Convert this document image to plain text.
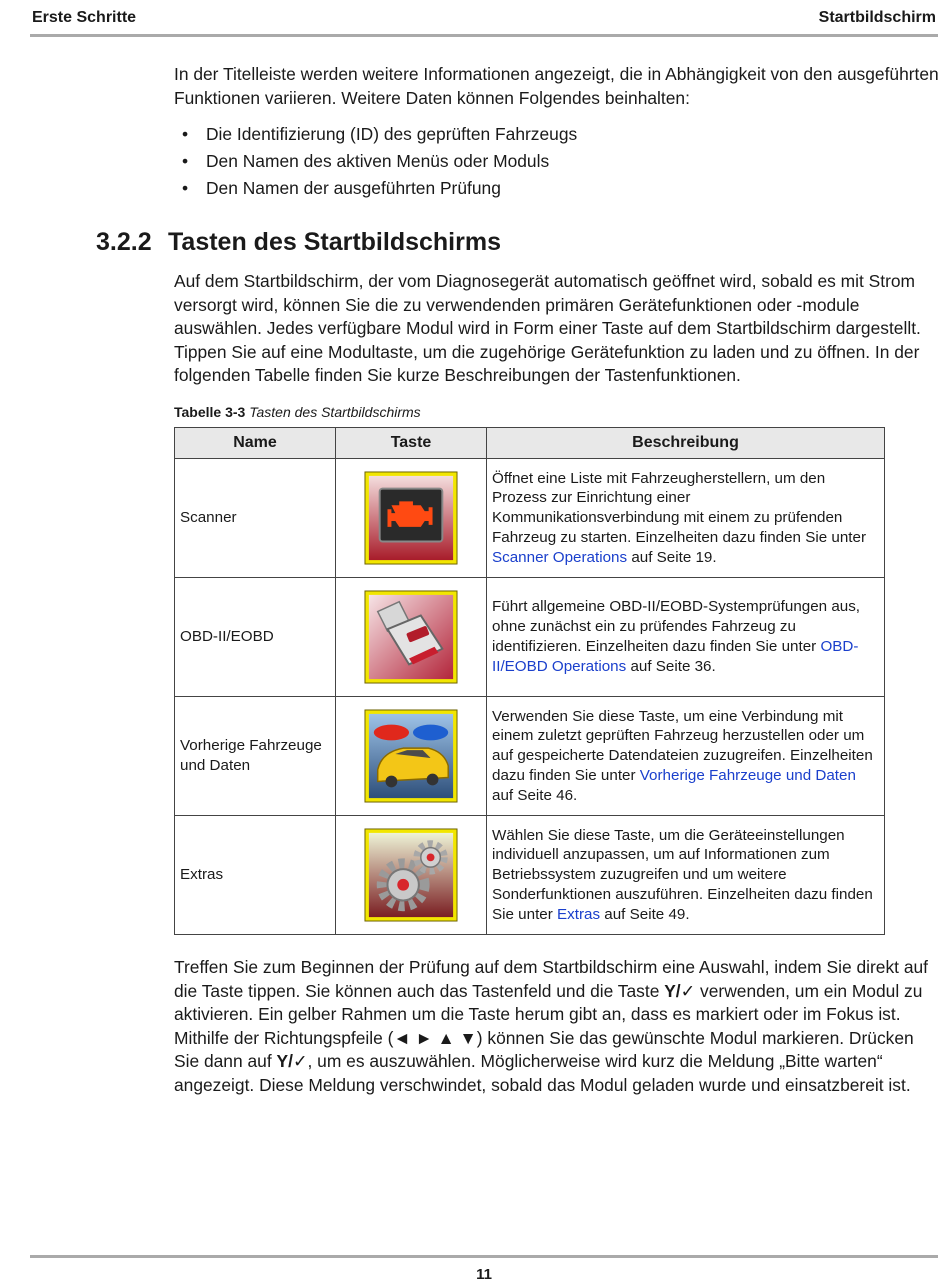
Erste Schritte	Startbildschirm

In der Titelleiste werden weitere Informationen angezeigt, die in Abhängigkeit von den ausgeführten Funktionen variieren. Weitere Daten können Folgendes beinhalten:

• Die Identifizierung (ID) des geprüften Fahrzeugs
• Den Namen des aktiven Menüs oder Moduls
• Den Namen der ausgeführten Prüfung
3.2.2 Tasten des Startbildschirms

Auf dem Startbildschirm, der vom Diagnosegerät automatisch geöffnet wird, sobald es mit Strom versorgt wird, können Sie die zu verwendenden primären Gerätefunktionen oder -module auswählen. Jedes verfügbare Modul wird in Form einer Taste auf dem Startbildschirm dargestellt. Tippen Sie auf eine Modultaste, um die zugehörige Gerätefunktion zu laden und zu öffnen. In der folgenden Tabelle finden Sie kurze Beschreibungen der Tastenfunktionen.

Tabelle 3-3 Tasten des Startbildschirms
Name	Taste	Beschreibung
Scanner		Öffnet eine Liste mit Fahrzeugherstellern, um den Prozess zur Einrichtung einer Kommunikationsverbindung mit einem zu prüfenden Fahrzeug zu starten. Einzelheiten dazu finden Sie unter Scanner Operations auf Seite 19.
OBD-II/EOBD		Führt allgemeine OBD-II/EOBD-Systemprüfungen aus, ohne zunächst ein zu prüfendes Fahrzeug zu identifizieren. Einzelheiten dazu finden Sie unter OBD-II/EOBD Operations auf Seite 36.
Vorherige Fahrzeuge und Daten		Verwenden Sie diese Taste, um eine Verbindung mit einem zuletzt geprüften Fahrzeug herzustellen oder um auf gespeicherte Datendateien zuzugreifen. Einzelheiten dazu finden Sie unter Vorherige Fahrzeuge und Daten auf Seite 46.
Extras		Wählen Sie diese Taste, um die Geräteeinstellungen individuell anzupassen, um auf Informationen zum Betriebssystem zuzugreifen und um weitere Sonderfunktionen auszuführen. Einzelheiten dazu finden Sie unter Extras auf Seite 49.

Treffen Sie zum Beginnen der Prüfung auf dem Startbildschirm eine Auswahl, indem Sie direkt auf die Taste tippen. Sie können auch das Tastenfeld und die Taste Y/✓ verwenden, um ein Modul zu aktivieren. Ein gelber Rahmen um die Taste herum gibt an, dass es markiert oder im Fokus ist. Mithilfe der Richtungspfeile (◄ ► ▲ ▼) können Sie das gewünschte Modul markieren. Drücken Sie dann auf Y/✓, um es auszuwählen. Möglicherweise wird kurz die Meldung „Bitte warten“ angezeigt. Diese Meldung verschwindet, sobald das Modul geladen wurde und einsatzbereit ist.

11
